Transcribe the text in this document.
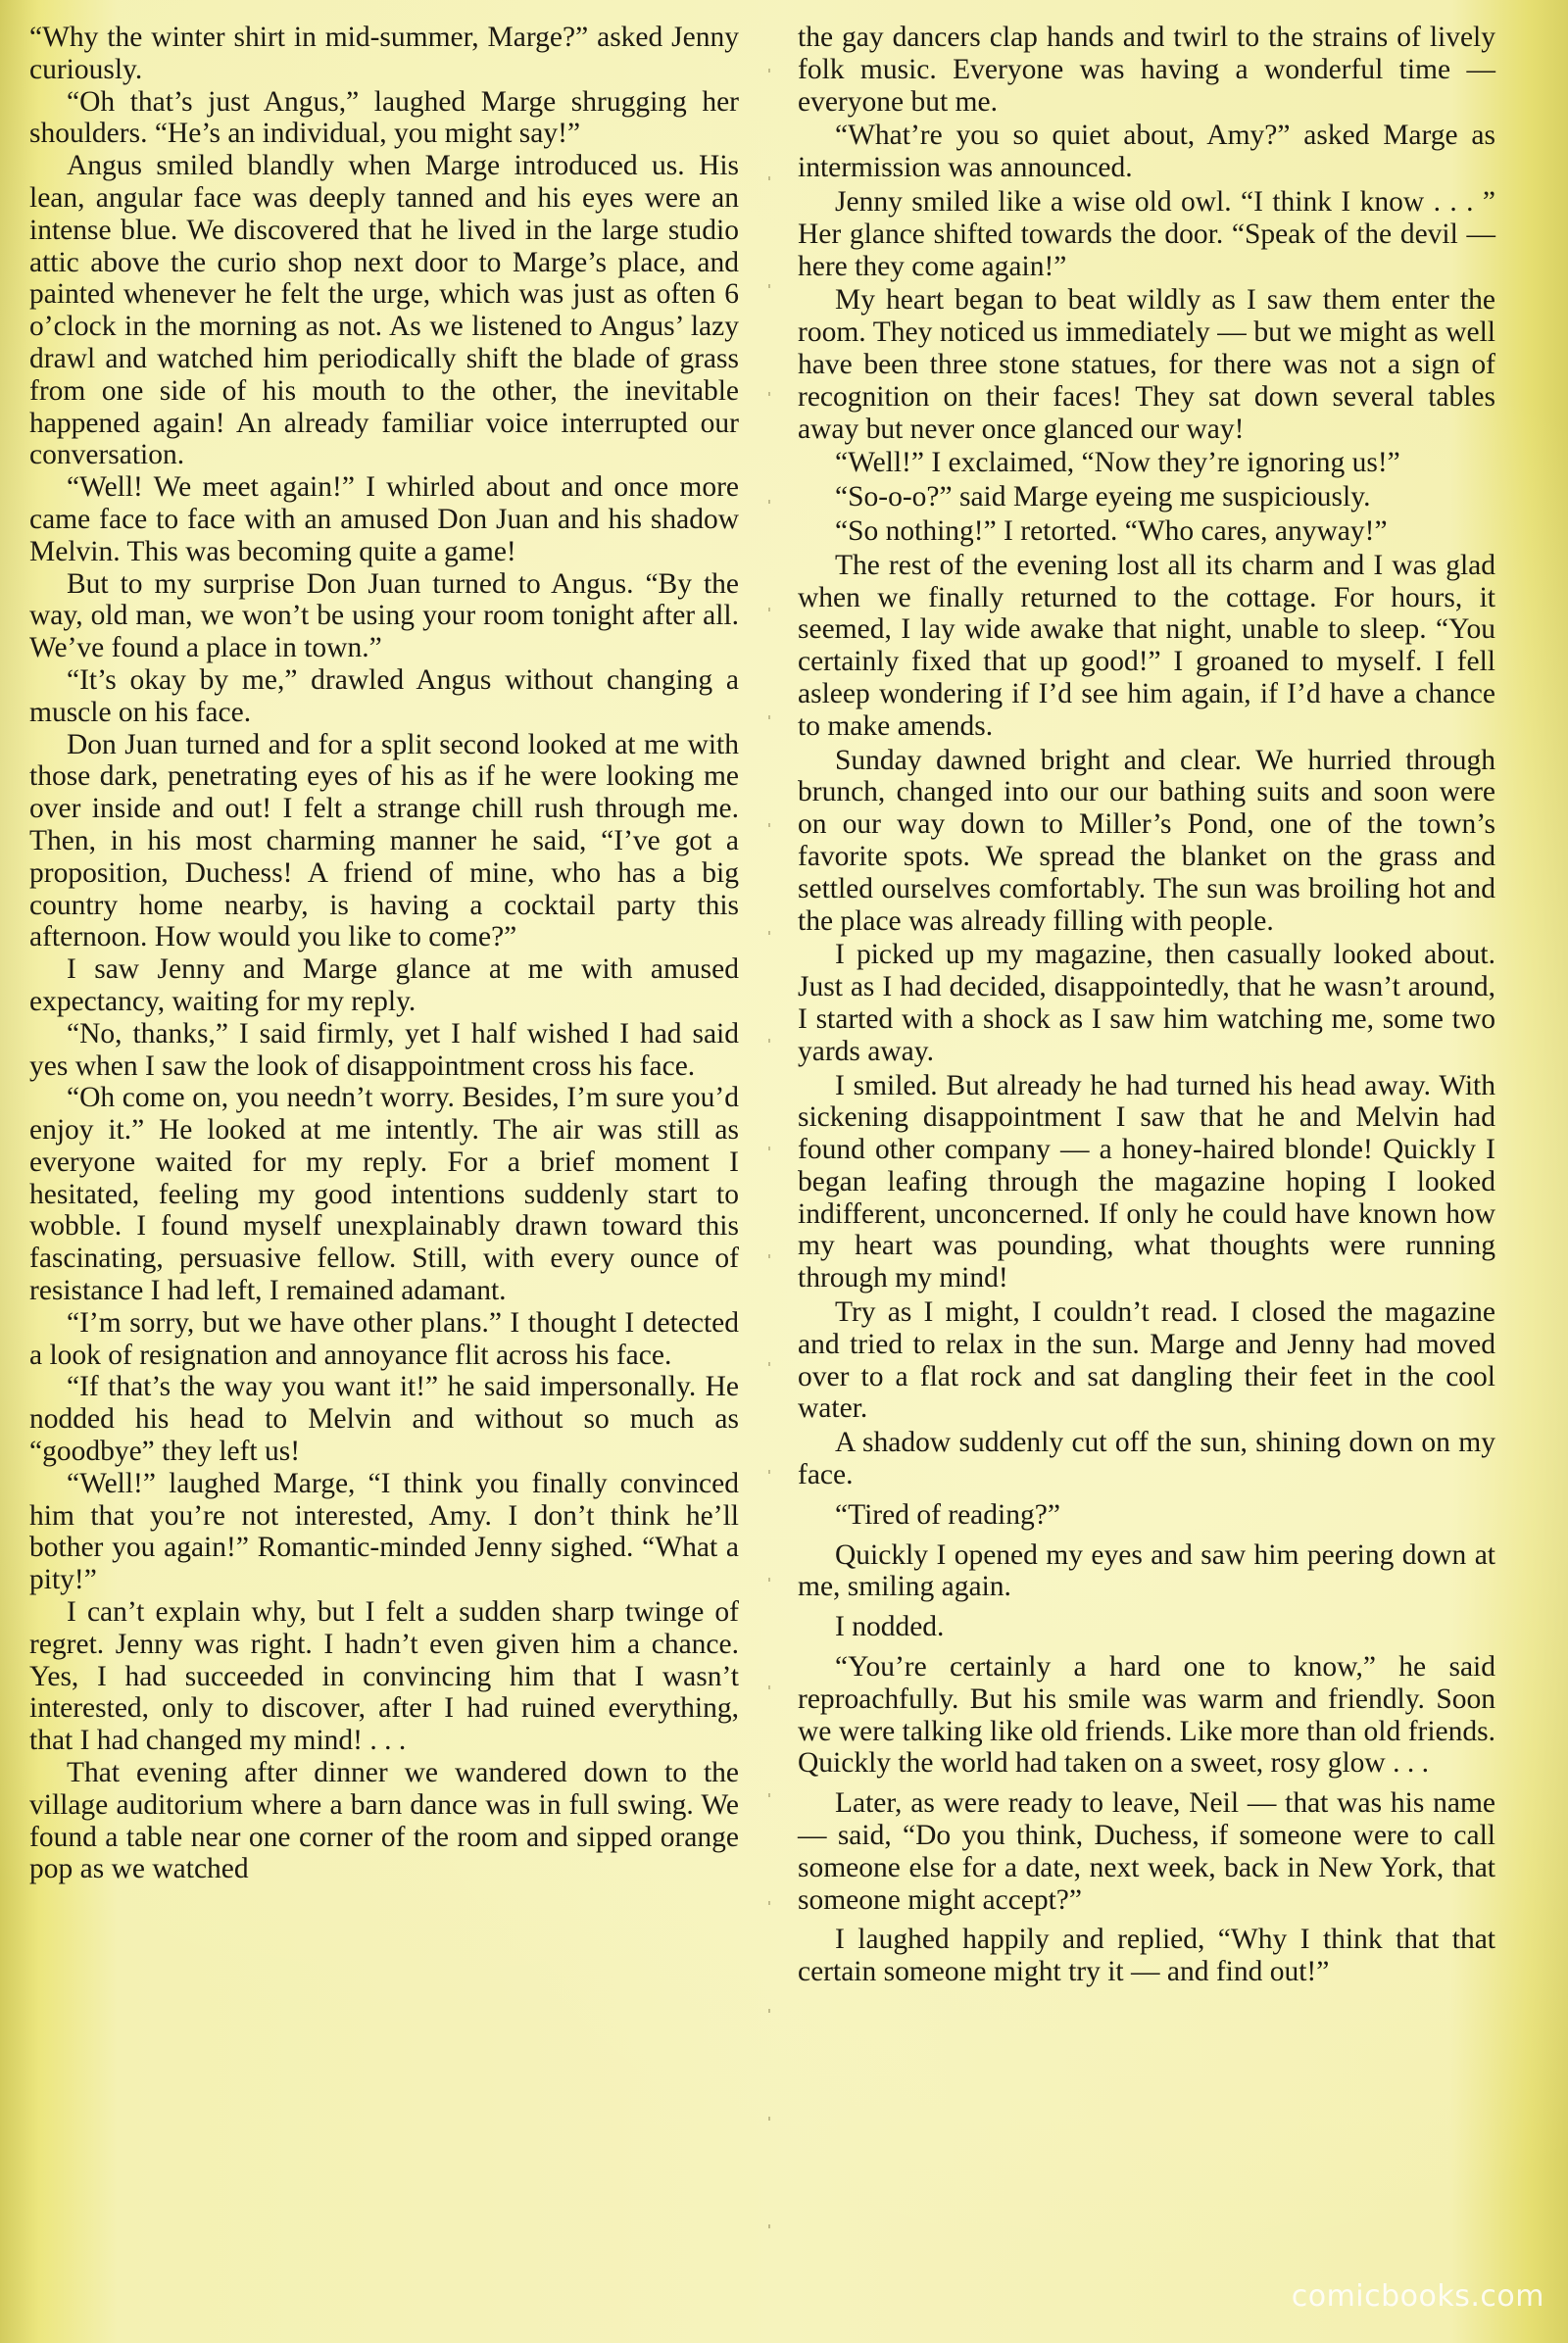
“Why the winter shirt in mid-summer, Marge?” asked Jenny curiously.

“Oh that’s just Angus,” laughed Marge shrugging her shoulders. “He’s an individual, you might say!”

Angus smiled blandly when Marge introduced us. His lean, angular face was deeply tanned and his eyes were an intense blue. We discovered that he lived in the large studio attic above the curio shop next door to Marge’s place, and painted whenever he felt the urge, which was just as often 6 o’clock in the morning as not. As we listened to Angus’ lazy drawl and watched him periodically shift the blade of grass from one side of his mouth to the other, the inevitable happened again! An already familiar voice interrupted our conversation.

“Well! We meet again!” I whirled about and once more came face to face with an amused Don Juan and his shadow Melvin. This was becoming quite a game!

But to my surprise Don Juan turned to Angus. “By the way, old man, we won’t be using your room tonight after all. We’ve found a place in town.”

“It’s okay by me,” drawled Angus without changing a muscle on his face.

Don Juan turned and for a split second looked at me with those dark, penetrating eyes of his as if he were looking me over inside and out! I felt a strange chill rush through me. Then, in his most charming manner he said, “I’ve got a proposition, Duchess! A friend of mine, who has a big country home nearby, is having a cocktail party this afternoon. How would you like to come?”

I saw Jenny and Marge glance at me with amused expectancy, waiting for my reply.

“No, thanks,” I said firmly, yet I half wished I had said yes when I saw the look of disappointment cross his face.

“Oh come on, you needn’t worry. Besides, I’m sure you’d enjoy it.” He looked at me intently. The air was still as everyone waited for my reply. For a brief moment I hesitated, feeling my good intentions suddenly start to wobble. I found myself unexplainably drawn toward this fascinating, persuasive fellow. Still, with every ounce of resistance I had left, I remained adamant.

“I’m sorry, but we have other plans.” I thought I detected a look of resignation and annoyance flit across his face.

“If that’s the way you want it!” he said impersonally. He nodded his head to Melvin and without so much as “goodbye” they left us!

“Well!” laughed Marge, “I think you finally convinced him that you’re not interested, Amy. I don’t think he’ll bother you again!” Romantic-minded Jenny sighed. “What a pity!”

I can’t explain why, but I felt a sudden sharp twinge of regret. Jenny was right. I hadn’t even given him a chance. Yes, I had succeeded in convincing him that I wasn’t interested, only to discover, after I had ruined everything, that I had changed my mind! . . .

That evening after dinner we wandered down to the village auditorium where a barn dance was in full swing. We found a table near one corner of the room and sipped orange pop as we watched

the gay dancers clap hands and twirl to the strains of lively folk music. Everyone was having a wonderful time — everyone but me.

“What’re you so quiet about, Amy?” asked Marge as intermission was announced.

Jenny smiled like a wise old owl. “I think I know . . . ” Her glance shifted towards the door. “Speak of the devil — here they come again!”

My heart began to beat wildly as I saw them enter the room. They noticed us immediately — but we might as well have been three stone statues, for there was not a sign of recognition on their faces! They sat down several tables away but never once glanced our way!

“Well!” I exclaimed, “Now they’re ignoring us!”

“So-o-o?” said Marge eyeing me suspiciously.

“So nothing!” I retorted. “Who cares, anyway!”

The rest of the evening lost all its charm and I was glad when we finally returned to the cottage. For hours, it seemed, I lay wide awake that night, unable to sleep. “You certainly fixed that up good!” I groaned to myself. I fell asleep wondering if I’d see him again, if I’d have a chance to make amends.

Sunday dawned bright and clear. We hurried through brunch, changed into our our bathing suits and soon were on our way down to Miller’s Pond, one of the town’s favorite spots. We spread the blanket on the grass and settled ourselves comfortably. The sun was broiling hot and the place was already filling with people.

I picked up my magazine, then casually looked about. Just as I had decided, disappointedly, that he wasn’t around, I started with a shock as I saw him watching me, some two yards away.

I smiled. But already he had turned his head away. With sickening disappointment I saw that he and Melvin had found other company — a honey-haired blonde! Quickly I began leafing through the magazine hoping I looked indifferent, unconcerned. If only he could have known how my heart was pounding, what thoughts were running through my mind!

Try as I might, I couldn’t read. I closed the magazine and tried to relax in the sun. Marge and Jenny had moved over to a flat rock and sat dangling their feet in the cool water.

A shadow suddenly cut off the sun, shining down on my face.

“Tired of reading?”

Quickly I opened my eyes and saw him peering down at me, smiling again.

I nodded.

“You’re certainly a hard one to know,” he said reproachfully. But his smile was warm and friendly. Soon we were talking like old friends. Like more than old friends. Quickly the world had taken on a sweet, rosy glow . . .

Later, as were ready to leave, Neil — that was his name — said, “Do you think, Duchess, if someone were to call someone else for a date, next week, back in New York, that someone might accept?”

I laughed happily and replied, “Why I think that that certain someone might try it — and find out!”

comicbooks.com
